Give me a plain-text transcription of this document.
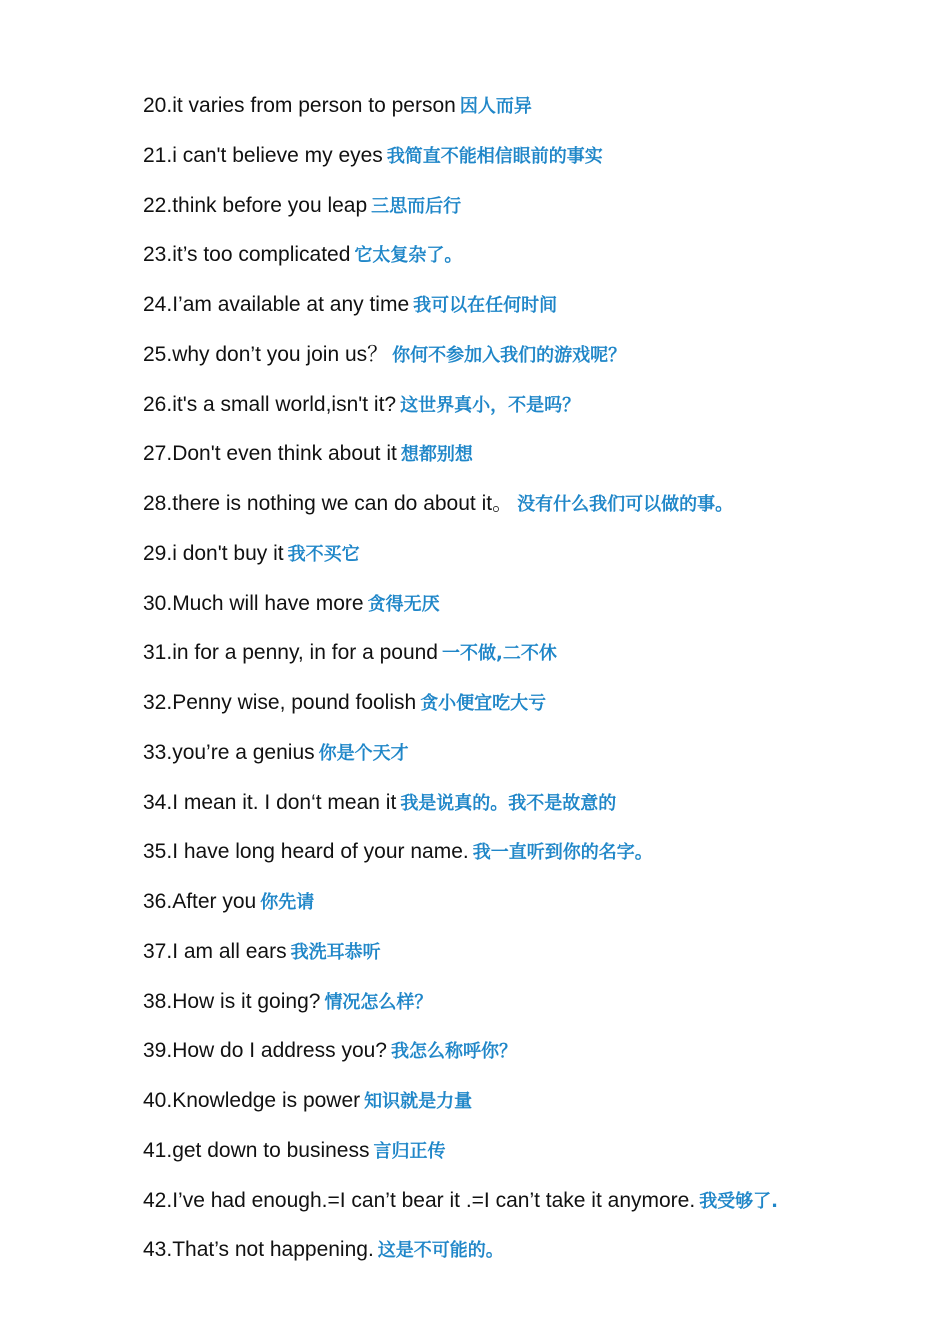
20.it varies from person to person 因人而异
21.i can't believe my eyes 我简直不能相信眼前的事实
22.think before you leap 三思而后行
23.it’s too complicated 它太复杂了。
24.I’am available at any time 我可以在任何时间
25.why don’t you join us？ 你何不参加入我们的游戏呢？
26.it's a small world,isn't it? 这世界真小，不是吗？
27.Don't even think about it 想都别想
28.there is nothing we can do about it。 没有什么我们可以做的事。
29.i don't buy it 我不买它
30.Much will have more 贪得无厌
31.in for a penny, in for a pound 一不做,二不休
32.Penny wise, pound foolish 贪小便宜吃大亏
33.you’re a genius 你是个天才
34.I mean it. I don‘t mean it 我是说真的。我不是故意的
35.I have long heard of your name. 我一直听到你的名字。
36.After you 你先请
37.I am all ears 我洗耳恭听
38.How is it going? 情况怎么样？
39.How do I address you? 我怎么称呼你？
40.Knowledge is power 知识就是力量
41.get down to business 言归正传
42.I’ve had enough.=I can’t bear it .=I can’t take it anymore. 我受够了.
43.That’s not happening. 这是不可能的。
